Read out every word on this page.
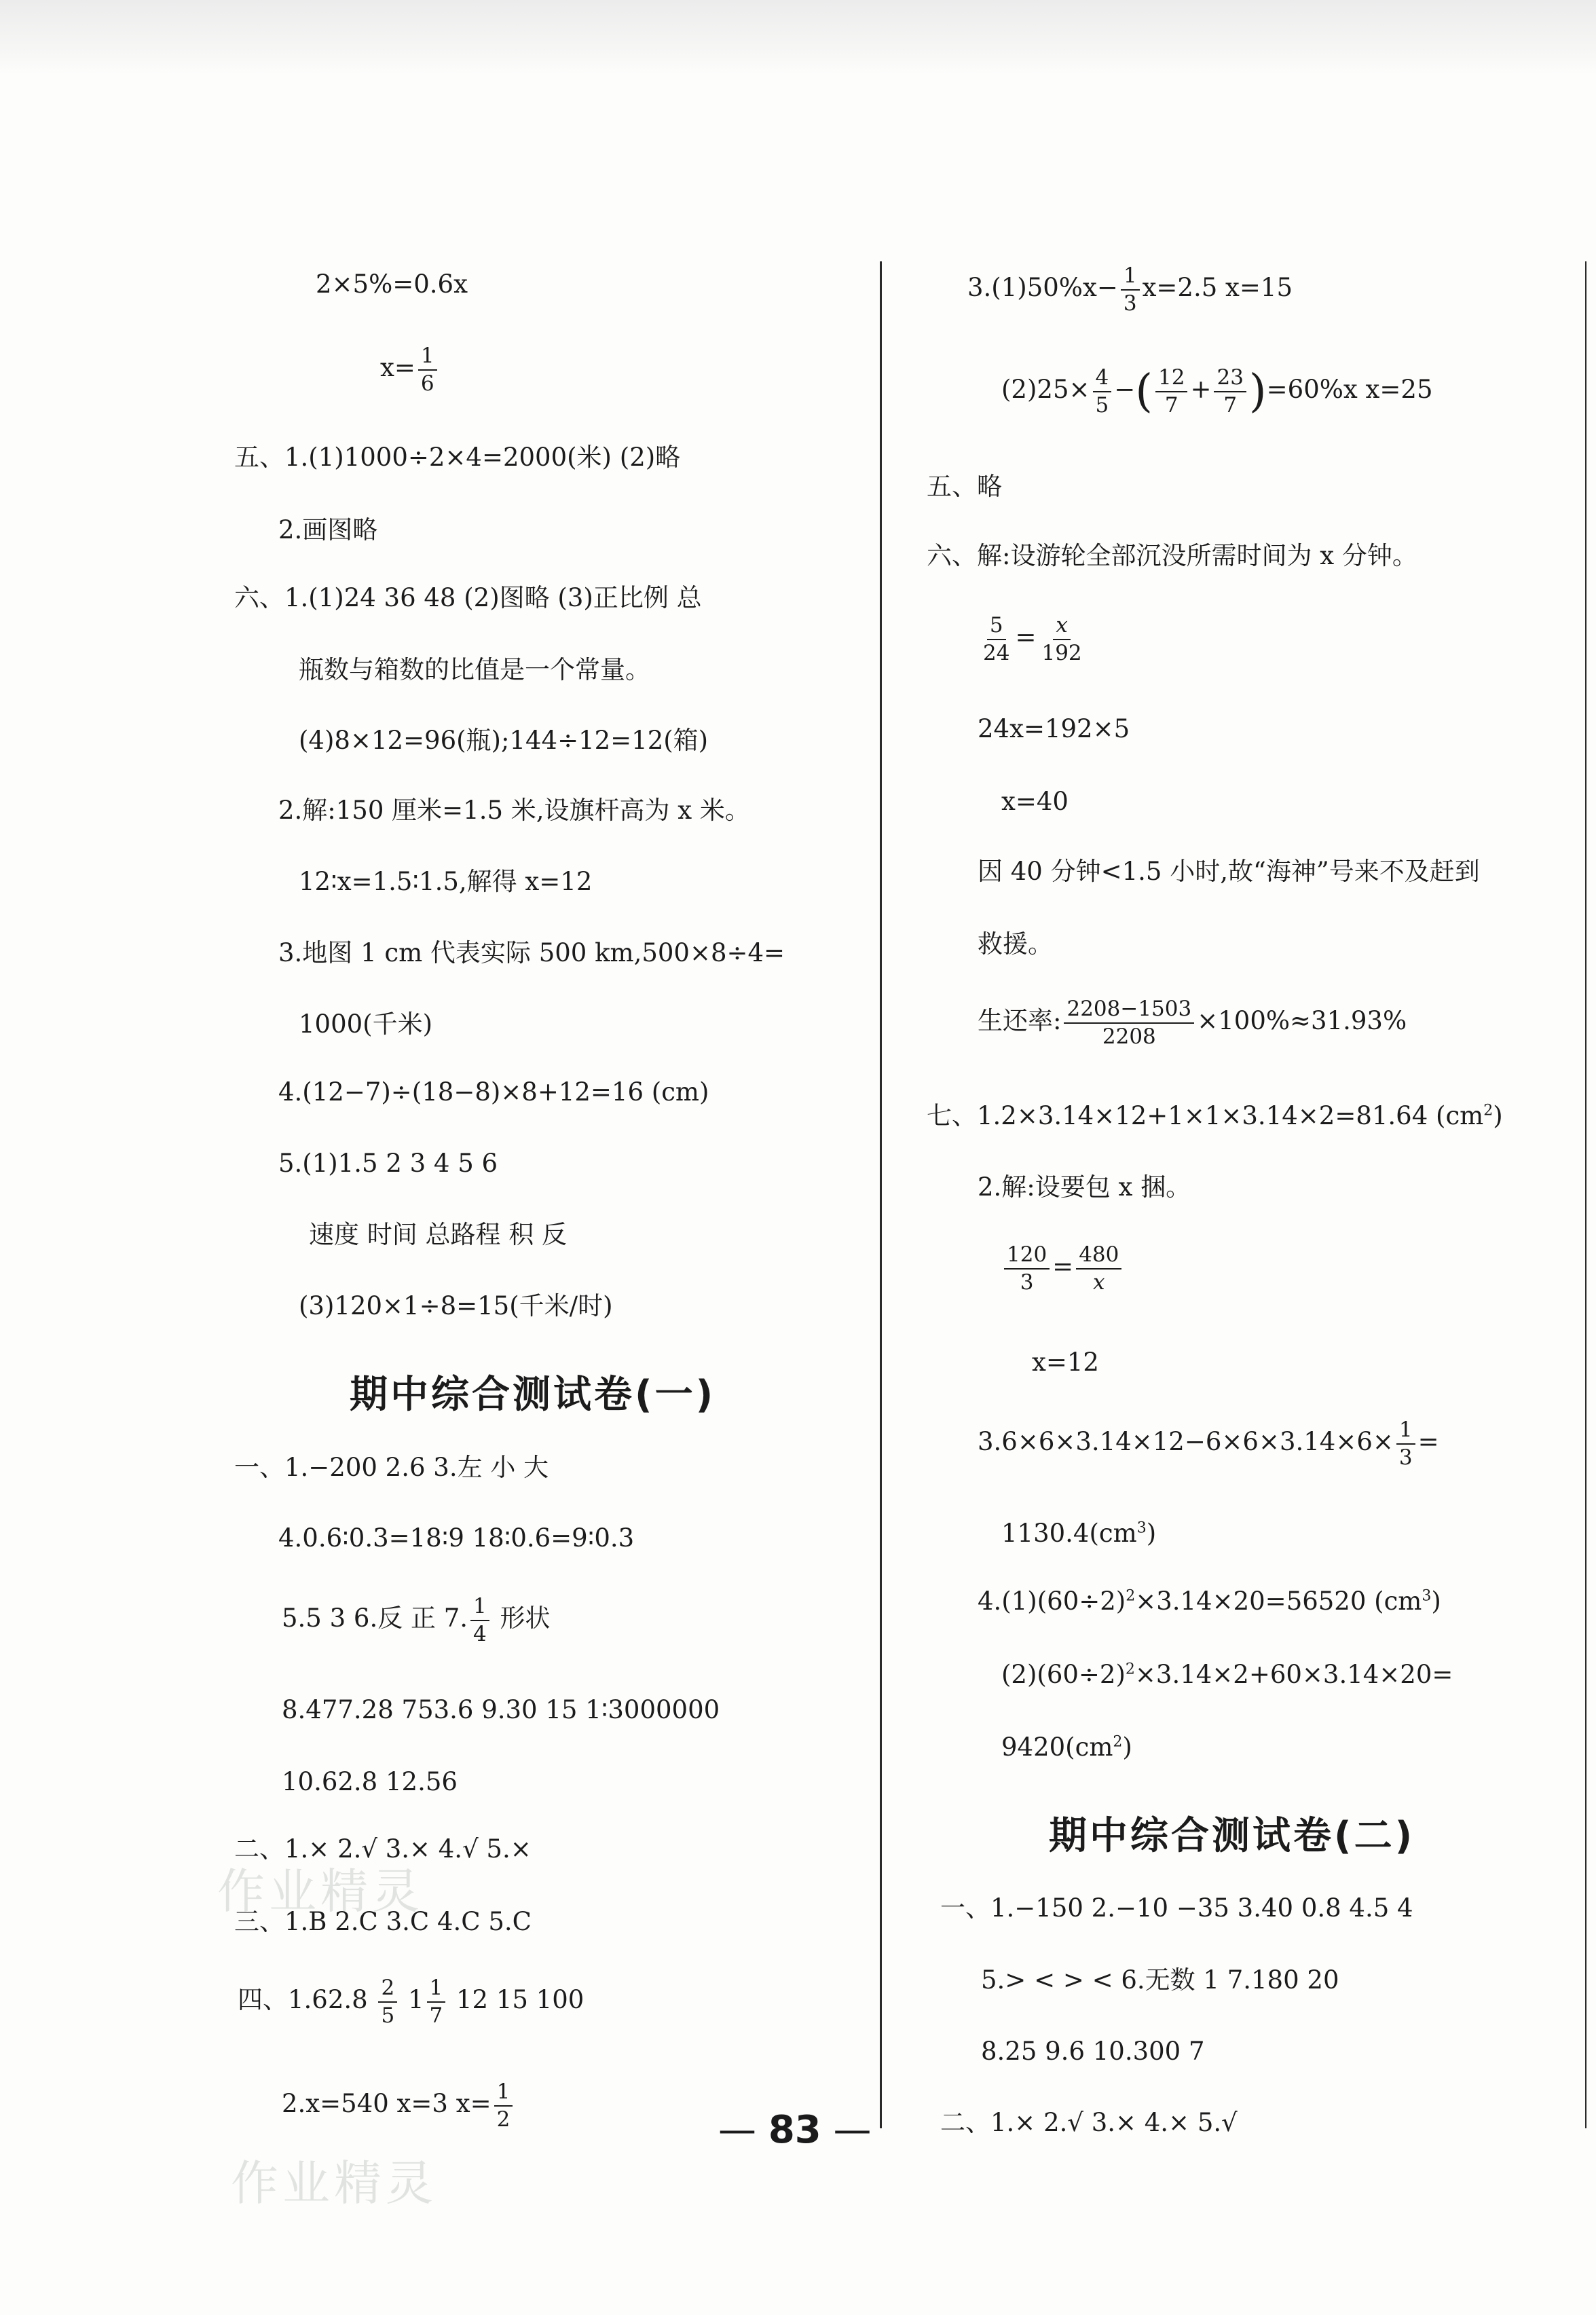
2×5%=0.6x
$x= \frac{1}{6}$
五、1.(1)1000÷2×4=2000(米) (2)略
2.画图略
六、1.(1)24 36 48 (2)图略 (3)正比例 总
瓶数与箱数的比值是一个常量。
(4)8×12=96(瓶);144÷12=12(箱)
2.解:150 厘米=1.5 米,设旗杆高为 x 米。
12∶x=1.5∶1.5,解得 x=12
3.地图 1 cm 代表实际 500 km,500×8÷4=
1000(千米)
4.(12−7)÷(18−8)×8+12=16 (cm)
5.(1)1.5 2 3 4 5 6
速度 时间 总路程 积 反
(3)120×1÷8=15(千米/时)
期中综合测试卷(一)
一、1.−200 2.6 3.左 小 大
4.0.6∶0.3=18∶9 18∶0.6=9∶0.3
5.5 3 6.反 正 7. $\frac{1}{4}$ 形状
8.477.28 753.6 9.30 15 1∶3000000
10.62.8 12.56
二、1.× 2.√ 3.× 4.√ 5.×
三、1.B 2.C 3.C 4.C 5.C
四、$1.62.8 \frac{2}{5} 1 \frac{1}{7} 12$ 15 100
2.x=540 x=3 $x= \frac{1}{2}$
$3.(1)50\%x- \frac{1}{3} x=2.5$ x=15
$(2)25\times \frac{4}{5}$ −( $\frac{12}{7} + \frac{23}{7} )=60\%x$ x=25
五、略
六、解:设游轮全部沉没所需时间为 x 分钟。
$\frac{5}{24} = \frac{x}{192}$
24x=192×5
x=40
因 40 分钟<1.5 小时,故“海神”号来不及赶到
救援。
生还率: $\frac{2208-1503}{2208} \times 100\%\approx 31.93\%$
七、1.2×3.14×12+1×1×3.14×2=81.64 $(cm^2)$
2.解:设要包 x 捆。
$\frac{120}{3} = \frac{480}{x}$
x=12
$3.6\times 6\times 3.14\times 12-6\times 6\times 3.14\times 6\times \frac{1}{3}$ =
$1130.4(cm^3)$
$4.(1)(60\div 2)^2\times 3.14\times 20=56520$ $(cm^3)$
$(2)(60\div 2)^2\times 3.14\times 2+60\times 3.14\times 20=$
$9420(cm^2)$
期中综合测试卷(二)
一、1.−150 2.−10 −35 3.40 0.8 4.5 4
5.> < > < 6.无数 1 7.180 20
8.25 9.6 10.300 7
二、1.× 2.√ 3.× 4.× 5.√
作业精灵
作业精灵
— 83 —
